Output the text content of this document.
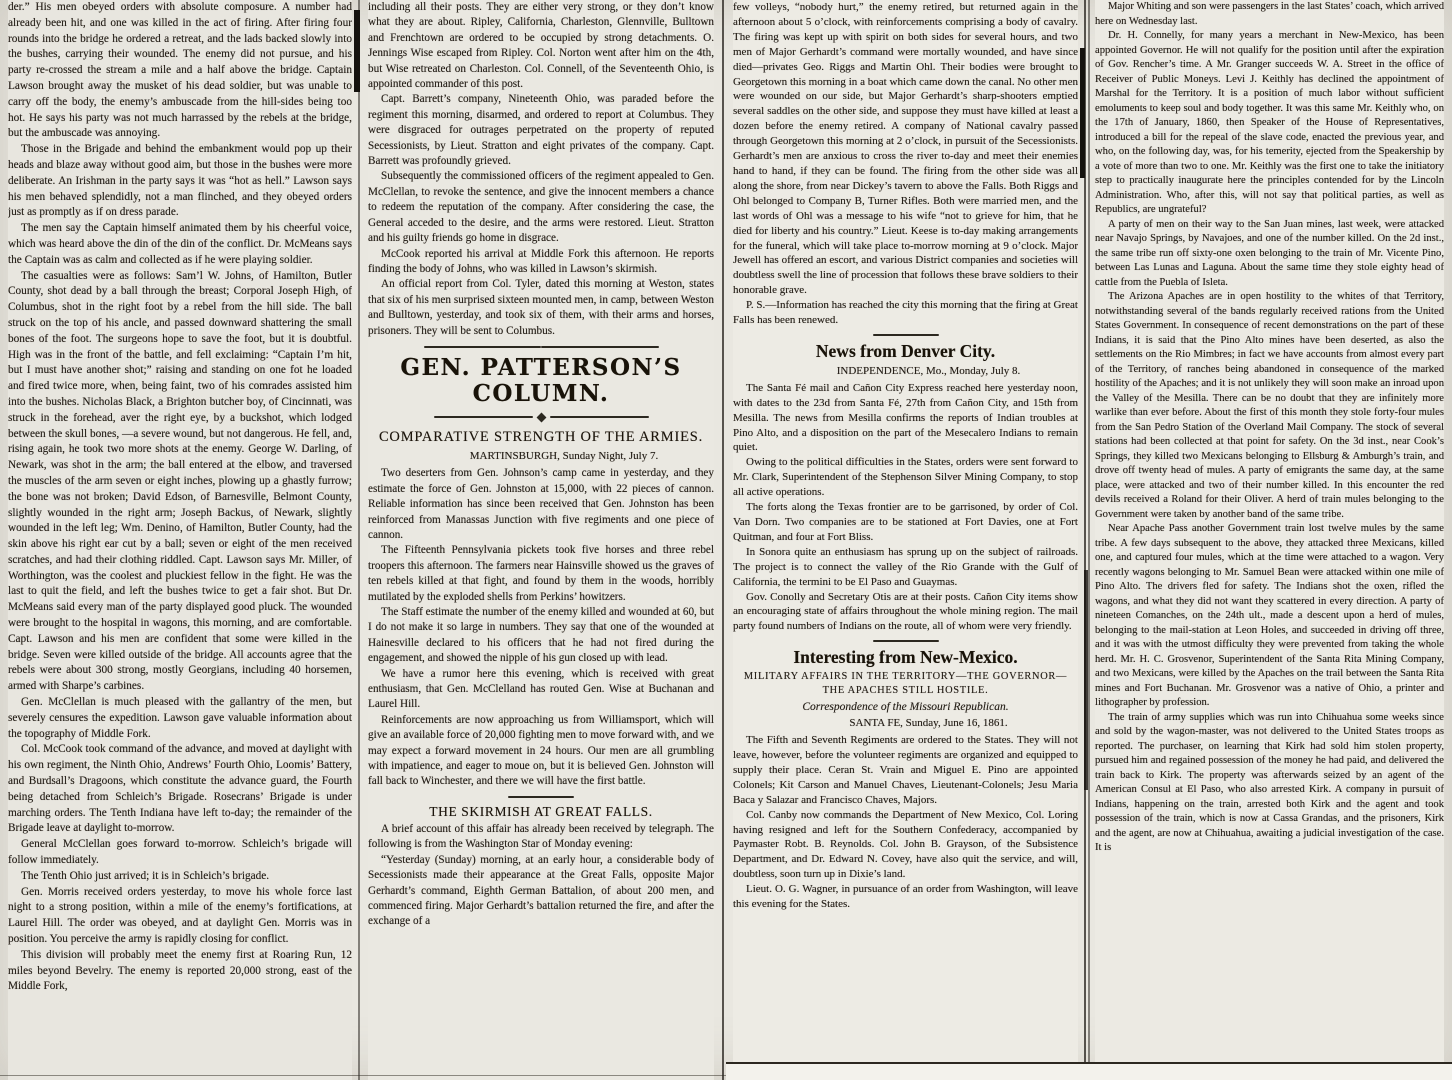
der.” His men obeyed orders with absolute composure. A number had already been hit, and one was killed in the act of firing. After firing four rounds into the bridge he ordered a retreat, and the lads backed slowly into the bushes, carrying their wounded. The enemy did not pursue, and his party re-crossed the stream a mile and a half above the bridge. Captain Lawson brought away the musket of his dead soldier, but was unable to carry off the body, the enemy’s ambuscade from the hill-sides being too hot. He says his party was not much harrassed by the rebels at the bridge, but the ambuscade was annoying.
Those in the Brigade and behind the embankment would pop up their heads and blaze away without good aim, but those in the bushes were more deliberate. An Irishman in the party says it was “hot as hell.” Lawson says his men behaved splendidly, not a man flinched, and they obeyed orders just as promptly as if on dress parade.
The men say the Captain himself animated them by his cheerful voice, which was heard above the din of the din of the conflict. Dr. McMeans says the Captain was as calm and collected as if he were playing soldier.
The casualties were as follows: Sam’l W. Johns, of Hamilton, Butler County, shot dead by a ball through the breast; Corporal Joseph High, of Columbus, shot in the right foot by a rebel from the hill side. The ball struck on the top of his ancle, and passed downward shattering the small bones of the foot. The surgeons hope to save the foot, but it is doubtful. High was in the front of the battle, and fell exclaiming: “Captain I’m hit, but I must have another shot;” raising and standing on one fot he loaded and fired twice more, when, being faint, two of his comrades assisted him into the bushes. Nicholas Black, a Brighton butcher boy, of Cincinnati, was struck in the forehead, aver the right eye, by a buckshot, which lodged between the skull bones, —a severe wound, but not dangerous. He fell, and, rising again, he took two more shots at the enemy. George W. Darling, of Newark, was shot in the arm; the ball entered at the elbow, and traversed the muscles of the arm seven or eight inches, plowing up a ghastly furrow; the bone was not broken; David Edson, of Barnesville, Belmont County, slightly wounded in the right arm; Joseph Backus, of Newark, slightly wounded in the left leg; Wm. Denino, of Hamilton, Butler County, had the skin above his right ear cut by a ball; seven or eight of the men received scratches, and had their clothing riddled. Capt. Lawson says Mr. Miller, of Worthington, was the coolest and pluckiest fellow in the fight. He was the last to quit the field, and left the bushes twice to get a fair shot. But Dr. McMeans said every man of the party displayed good pluck. The wounded were brought to the hospital in wagons, this morning, and are comfortable. Capt. Lawson and his men are confident that some were killed in the bridge. Seven were killed outside of the bridge. All accounts agree that the rebels were about 300 strong, mostly Georgians, including 40 horsemen, armed with Sharpe’s carbines.
Gen. McClellan is much pleased with the gallantry of the men, but severely censures the expedition. Lawson gave valuable information about the topography of Middle Fork.
Col. McCook took command of the advance, and moved at daylight with his own regiment, the Ninth Ohio, Andrews’ Fourth Ohio, Loomis’ Battery, and Burdsall’s Dragoons, which constitute the advance guard, the Fourth being detached from Schleich’s Brigade. Rosecrans’ Brigade is under marching orders. The Tenth Indiana have left to-day; the remainder of the Brigade leave at daylight to-morrow.
General McClellan goes forward to-morrow. Schleich’s brigade will follow immediately.
The Tenth Ohio just arrived; it is in Schleich’s brigade.
Gen. Morris received orders yesterday, to move his whole force last night to a strong position, within a mile of the enemy’s fortifications, at Laurel Hill. The order was obeyed, and at daylight Gen. Morris was in position. You perceive the army is rapidly closing for conflict.
This division will probably meet the enemy first at Roaring Run, 12 miles beyond Bevelry. The enemy is reported 20,000 strong, east of the Middle Fork,
including all their posts. They are either very strong, or they don’t know what they are about. Ripley, California, Charleston, Glennville, Bulltown and Frenchtown are ordered to be occupied by strong detachments. O. Jennings Wise escaped from Ripley. Col. Norton went after him on the 4th, but Wise retreated on Charleston. Col. Connell, of the Seventeenth Ohio, is appointed commander of this post.
Capt. Barrett’s company, Nineteenth Ohio, was paraded before the regiment this morning, disarmed, and ordered to report at Columbus. They were disgraced for outrages perpetrated on the property of reputed Secessionists, by Lieut. Stratton and eight privates of the company. Capt. Barrett was profoundly grieved.
Subsequently the commissioned officers of the regiment appealed to Gen. McClellan, to revoke the sentence, and give the innocent members a chance to redeem the reputation of the company. After considering the case, the General acceded to the desire, and the arms were restored. Lieut. Stratton and his guilty friends go home in disgrace.
McCook reported his arrival at Middle Fork this afternoon. He reports finding the body of Johns, who was killed in Lawson’s skirmish.
An official report from Col. Tyler, dated this morning at Weston, states that six of his men surprised sixteen mounted men, in camp, between Weston and Bulltown, yesterday, and took six of them, with their arms and horses, prisoners. They will be sent to Columbus.
GEN. PATTERSON’S COLUMN.
COMPARATIVE STRENGTH OF THE ARMIES.
MARTINSBURGH, Sunday Night, July 7.
Two deserters from Gen. Johnson’s camp came in yesterday, and they estimate the force of Gen. Johnston at 15,000, with 22 pieces of cannon. Reliable information has since been received that Gen. Johnston has been reinforced from Manassas Junction with five regiments and one piece of cannon.
The Fifteenth Pennsylvania pickets took five horses and three rebel troopers this afternoon. The farmers near Hainsville showed us the graves of ten rebels killed at that fight, and found by them in the woods, horribly mutilated by the exploded shells from Perkins’ howitzers.
The Staff estimate the number of the enemy killed and wounded at 60, but I do not make it so large in numbers. They say that one of the wounded at Hainesville declared to his officers that he had not fired during the engagement, and showed the nipple of his gun closed up with lead.
We have a rumor here this evening, which is received with great enthusiasm, that Gen. McClelland has routed Gen. Wise at Buchanan and Laurel Hill.
Reinforcements are now approaching us from Williamsport, which will give an available force of 20,000 fighting men to move forward with, and we may expect a forward movement in 24 hours. Our men are all grumbling with impatience, and eager to moue on, but it is believed Gen. Johnston will fall back to Winchester, and there we will have the first battle.
THE SKIRMISH AT GREAT FALLS.
A brief account of this affair has already been received by telegraph. The following is from the Washington Star of Monday evening:
“Yesterday (Sunday) morning, at an early hour, a considerable body of Secessionists made their appearance at the Great Falls, opposite Major Gerhardt’s command, Eighth German Battalion, of about 200 men, and commenced firing. Major Gerhardt’s battalion returned the fire, and after the exchange of a
few volleys, “nobody hurt,” the enemy retired, but returned again in the afternoon about 5 o’clock, with reinforcements comprising a body of cavalry. The firing was kept up with spirit on both sides for several hours, and two men of Major Gerhardt’s command were mortally wounded, and have since died—privates Geo. Riggs and Martin Ohl. Their bodies were brought to Georgetown this morning in a boat which came down the canal. No other men were wounded on our side, but Major Gerhardt’s sharp-shooters emptied several saddles on the other side, and suppose they must have killed at least a dozen before the enemy retired. A company of National cavalry passed through Georgetown this morning at 2 o’clock, in pursuit of the Secessionists. Gerhardt’s men are anxious to cross the river to-day and meet their enemies hand to hand, if they can be found. The firing from the other side was all along the shore, from near Dickey’s tavern to above the Falls. Both Riggs and Ohl belonged to Company B, Turner Rifles. Both were married men, and the last words of Ohl was a message to his wife “not to grieve for him, that he died for liberty and his country.” Lieut. Keese is to-day making arrangements for the funeral, which will take place to-morrow morning at 9 o’clock. Major Jewell has offered an escort, and various District companies and societies will doubtless swell the line of procession that follows these brave soldiers to their honorable grave.
P. S.—Information has reached the city this morning that the firing at Great Falls has been renewed.
News from Denver City.
INDEPENDENCE, Mo., Monday, July 8.
The Santa Fé mail and Cañon City Express reached here yesterday noon, with dates to the 23d from Santa Fé, 27th from Cañon City, and 15th from Mesilla. The news from Mesilla confirms the reports of Indian troubles at Pino Alto, and a disposition on the part of the Mesecalero Indians to remain quiet.
Owing to the political difficulties in the States, orders were sent forward to Mr. Clark, Superintendent of the Stephenson Silver Mining Company, to stop all active operations.
The forts along the Texas frontier are to be garrisoned, by order of Col. Van Dorn. Two companies are to be stationed at Fort Davies, one at Fort Quitman, and four at Fort Bliss.
In Sonora quite an enthusiasm has sprung up on the subject of railroads. The project is to connect the valley of the Rio Grande with the Gulf of California, the termini to be El Paso and Guaymas.
Gov. Conolly and Secretary Otis are at their posts. Cañon City items show an encouraging state of affairs throughout the whole mining region. The mail party found numbers of Indians on the route, all of whom were very friendly.
Interesting from New-Mexico.
MILITARY AFFAIRS IN THE TERRITORY—THE GOVERNOR—THE APACHES STILL HOSTILE.
Correspondence of the Missouri Republican.
SANTA FE, Sunday, June 16, 1861.
The Fifth and Seventh Regiments are ordered to the States. They will not leave, however, before the volunteer regiments are organized and equipped to supply their place. Ceran St. Vrain and Miguel E. Pino are appointed Colonels; Kit Carson and Manuel Chaves, Lieutenant-Colonels; Jesu Maria Baca y Salazar and Francisco Chaves, Majors.
Col. Canby now commands the Department of New Mexico, Col. Loring having resigned and left for the Southern Confederacy, accompanied by Paymaster Robt. B. Reynolds. Col. John B. Grayson, of the Subsistence Department, and Dr. Edward N. Covey, have also quit the service, and will, doubtless, soon turn up in Dixie’s land.
Lieut. O. G. Wagner, in pursuance of an order from Washington, will leave this evening for the States.
Major Whiting and son were passengers in the last States’ coach, which arrived here on Wednesday last.
Dr. H. Connelly, for many years a merchant in New-Mexico, has been appointed Governor. He will not qualify for the position until after the expiration of Gov. Rencher’s time. A Mr. Granger succeeds W. A. Street in the office of Receiver of Public Moneys. Levi J. Keithly has declined the appointment of Marshal for the Territory. It is a position of much labor without sufficient emoluments to keep soul and body together. It was this same Mr. Keithly who, on the 17th of January, 1860, then Speaker of the House of Representatives, introduced a bill for the repeal of the slave code, enacted the previous year, and who, on the following day, was, for his temerity, ejected from the Speakership by a vote of more than two to one. Mr. Keithly was the first one to take the initiatory step to practically inaugurate here the principles contended for by the Lincoln Administration. Who, after this, will not say that political parties, as well as Republics, are ungrateful?
A party of men on their way to the San Juan mines, last week, were attacked near Navajo Springs, by Navajoes, and one of the number killed. On the 2d inst., the same tribe run off sixty-one oxen belonging to the train of Mr. Vicente Pino, between Las Lunas and Laguna. About the same time they stole eighty head of cattle from the Puebla of Isleta.
The Arizona Apaches are in open hostility to the whites of that Territory, notwithstanding several of the bands regularly received rations from the United States Government. In consequence of recent demonstrations on the part of these Indians, it is said that the Pino Alto mines have been deserted, as also the settlements on the Rio Mimbres; in fact we have accounts from almost every part of the Territory, of ranches being abandoned in consequence of the marked hostility of the Apaches; and it is not unlikely they will soon make an inroad upon the Valley of the Mesilla. There can be no doubt that they are infinitely more warlike than ever before. About the first of this month they stole forty-four mules from the San Pedro Station of the Overland Mail Company. The stock of several stations had been collected at that point for safety. On the 3d inst., near Cook’s Springs, they killed two Mexicans belonging to Ellsburg & Amburgh’s train, and drove off twenty head of mules. A party of emigrants the same day, at the same place, were attacked and two of their number killed. In this encounter the red devils received a Roland for their Oliver. A herd of train mules belonging to the Government were taken by another band of the same tribe.
Near Apache Pass another Government train lost twelve mules by the same tribe. A few days subsequent to the above, they attacked three Mexicans, killed one, and captured four mules, which at the time were attached to a wagon. Very recently wagons belonging to Mr. Samuel Bean were attacked within one mile of Pino Alto. The drivers fled for safety. The Indians shot the oxen, rifled the wagons, and what they did not want they scattered in every direction. A party of nineteen Comanches, on the 24th ult., made a descent upon a herd of mules, belonging to the mail-station at Leon Holes, and succeeded in driving off three, and it was with the utmost difficulty they were prevented from taking the whole herd. Mr. H. C. Grosvenor, Superintendent of the Santa Rita Mining Company, and two Mexicans, were killed by the Apaches on the trail between the Santa Rita mines and Fort Buchanan. Mr. Grosvenor was a native of Ohio, a printer and lithographer by profession.
The train of army supplies which was run into Chihuahua some weeks since and sold by the wagon-master, was not delivered to the United States troops as reported. The purchaser, on learning that Kirk had sold him stolen property, pursued him and regained possession of the money he had paid, and delivered the train back to Kirk. The property was afterwards seized by an agent of the American Consul at El Paso, who also arrested Kirk. A company in pursuit of Indians, happening on the train, arrested both Kirk and the agent and took possession of the train, which is now at Cassa Grandas, and the prisoners, Kirk and the agent, are now at Chihuahua, awaiting a judicial investigation of the case. It is
